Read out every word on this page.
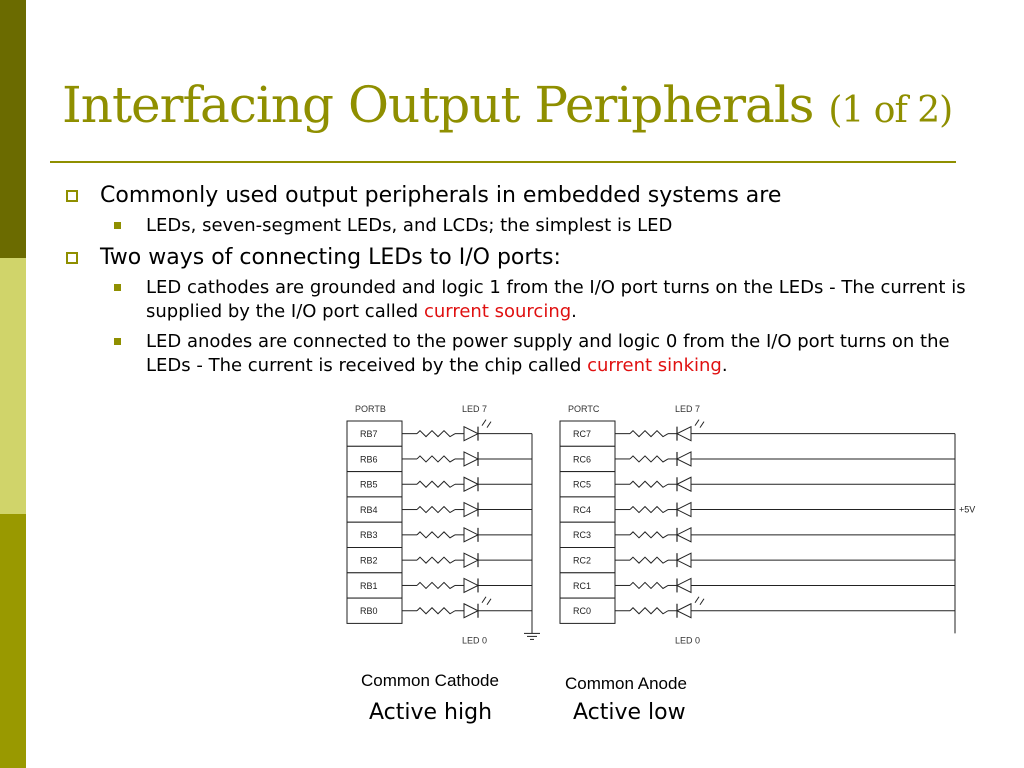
Interfacing Output Peripherals (1 of 2)
Commonly used output peripherals in embedded systems are
LEDs, seven-segment LEDs, and LCDs; the simplest is LED
Two ways of connecting LEDs to I/O ports:
LED cathodes are grounded and logic 1 from the I/O port turns on the LEDs - The current is supplied by the I/O port called current sourcing.
LED anodes are connected to the power supply and logic 0 from the I/O port turns on the LEDs - The current is received by the chip called current sinking.
PORTB	LED 7
LED 0
RB7
RB6
RB5
RB4
RB3
RB2
RB1
RB0
PORTC	LED 7
LED 0
RC7
RC6
RC5
RC4
RC3
RC2
RC1
RC0
+5V
Common Cathode	Common Anode
Active high	Active low
